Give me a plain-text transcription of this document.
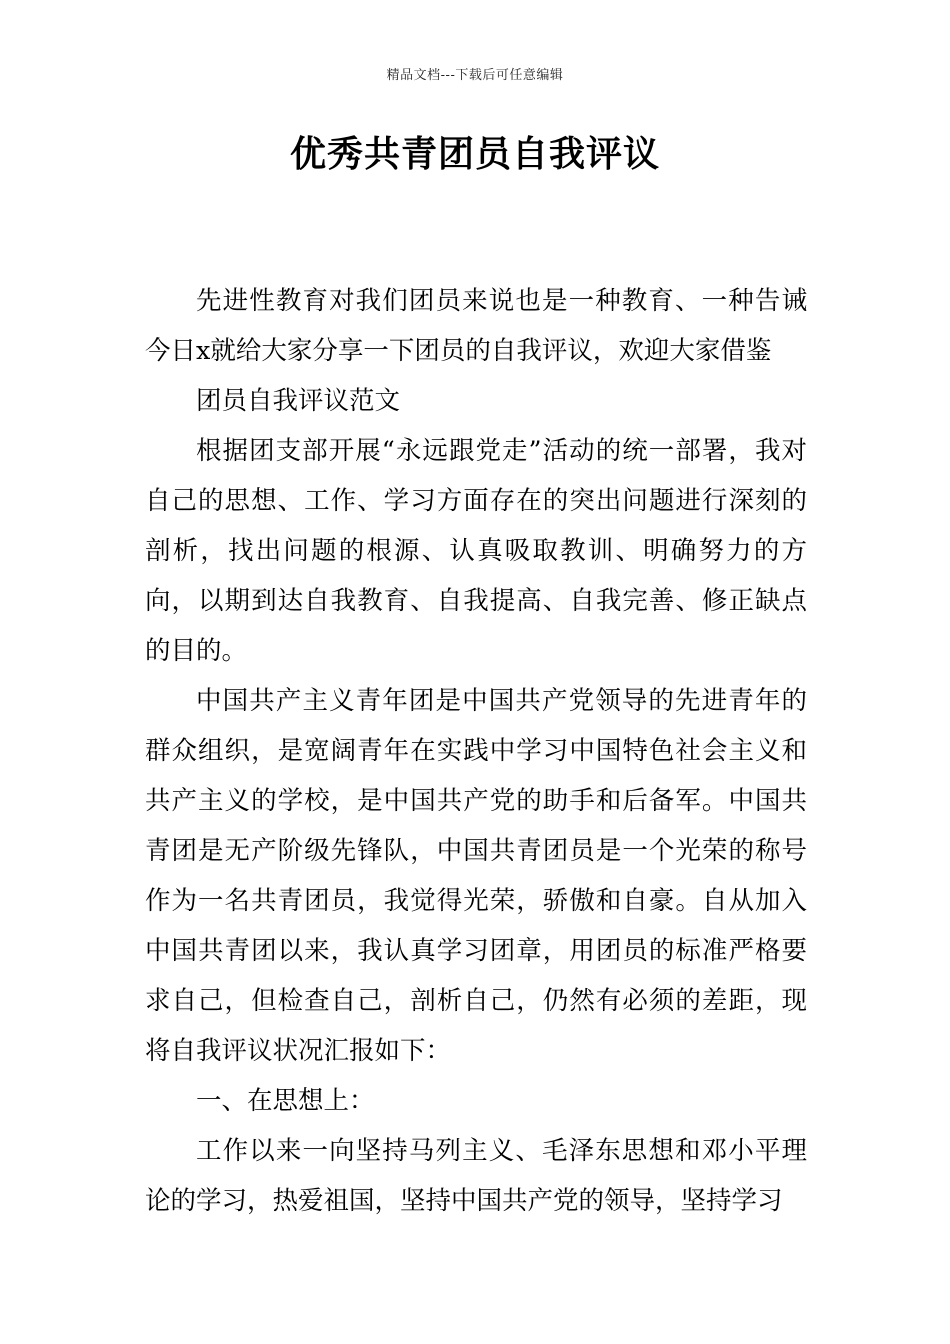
精品文档---下载后可任意编辑
优秀共青团员自我评议

先进性教育对我们团员来说也是一种教育、一种告诫今日x就给大家分享一下团员的自我评议，欢迎大家借鉴

团员自我评议范文

根据团支部开展“永远跟党走”活动的统一部署，我对自己的思想、工作、学习方面存在的突出问题进行深刻的剖析，找出问题的根源、认真吸取教训、明确努力的方向，以期到达自我教育、自我提高、自我完善、修正缺点的目的。

中国共产主义青年团是中国共产党领导的先进青年的群众组织，是宽阔青年在实践中学习中国特色社会主义和共产主义的学校，是中国共产党的助手和后备军。中国共青团是无产阶级先锋队，中国共青团员是一个光荣的称号作为一名共青团员，我觉得光荣，骄傲和自豪。自从加入中国共青团以来，我认真学习团章，用团员的标准严格要求自己，但检查自己，剖析自己，仍然有必须的差距，现将自我评议状况汇报如下：

一、在思想上：

工作以来一向坚持马列主义、毛泽东思想和邓小平理论的学习，热爱祖国，坚持中国共产党的领导，坚持学习
